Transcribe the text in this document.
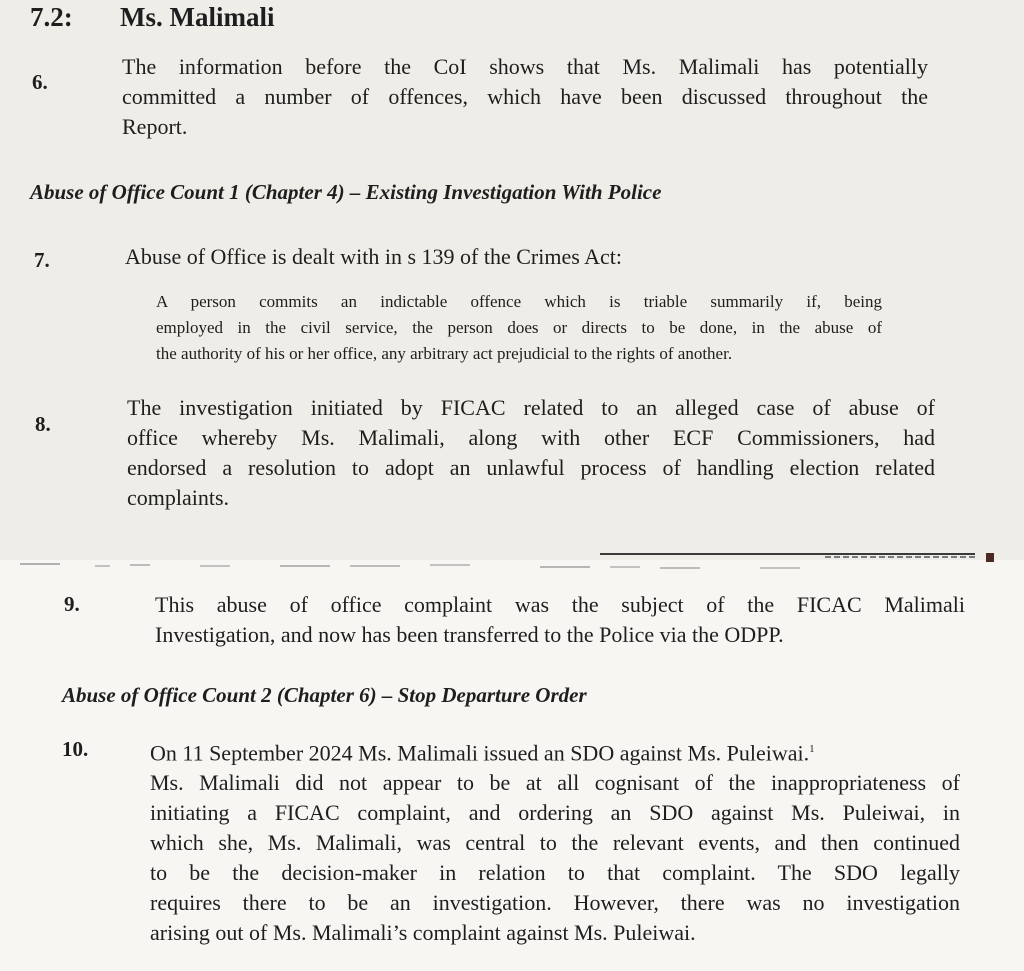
7.2: Ms. Malimali
6.
The information before the CoI shows that Ms. Malimali has potentially
committed a number of offences, which have been discussed throughout the
Report.
Abuse of Office Count 1 (Chapter 4) – Existing Investigation With Police
7.	Abuse of Office is dealt with in s 139 of the Crimes Act:
A person commits an indictable offence which is triable summarily if, being
employed in the civil service, the person does or directs to be done, in the abuse of
the authority of his or her office, any arbitrary act prejudicial to the rights of another.
8.
The investigation initiated by FICAC related to an alleged case of abuse of
office whereby Ms. Malimali, along with other ECF Commissioners, had
endorsed a resolution to adopt an unlawful process of handling election related
complaints.
9.	This abuse of office complaint was the subject of the FICAC Malimali
Investigation, and now has been transferred to the Police via the ODPP.
Abuse of Office Count 2 (Chapter 6) – Stop Departure Order
10.	On 11 September 2024 Ms. Malimali issued an SDO against Ms. Puleiwai.$^1$
Ms. Malimali did not appear to be at all cognisant of the inappropriateness of
initiating a FICAC complaint, and ordering an SDO against Ms. Puleiwai, in
which she, Ms. Malimali, was central to the relevant events, and then continued
to be the decision-maker in relation to that complaint. The SDO legally
requires there to be an investigation. However, there was no investigation
arising out of Ms. Malimali’s complaint against Ms. Puleiwai.
